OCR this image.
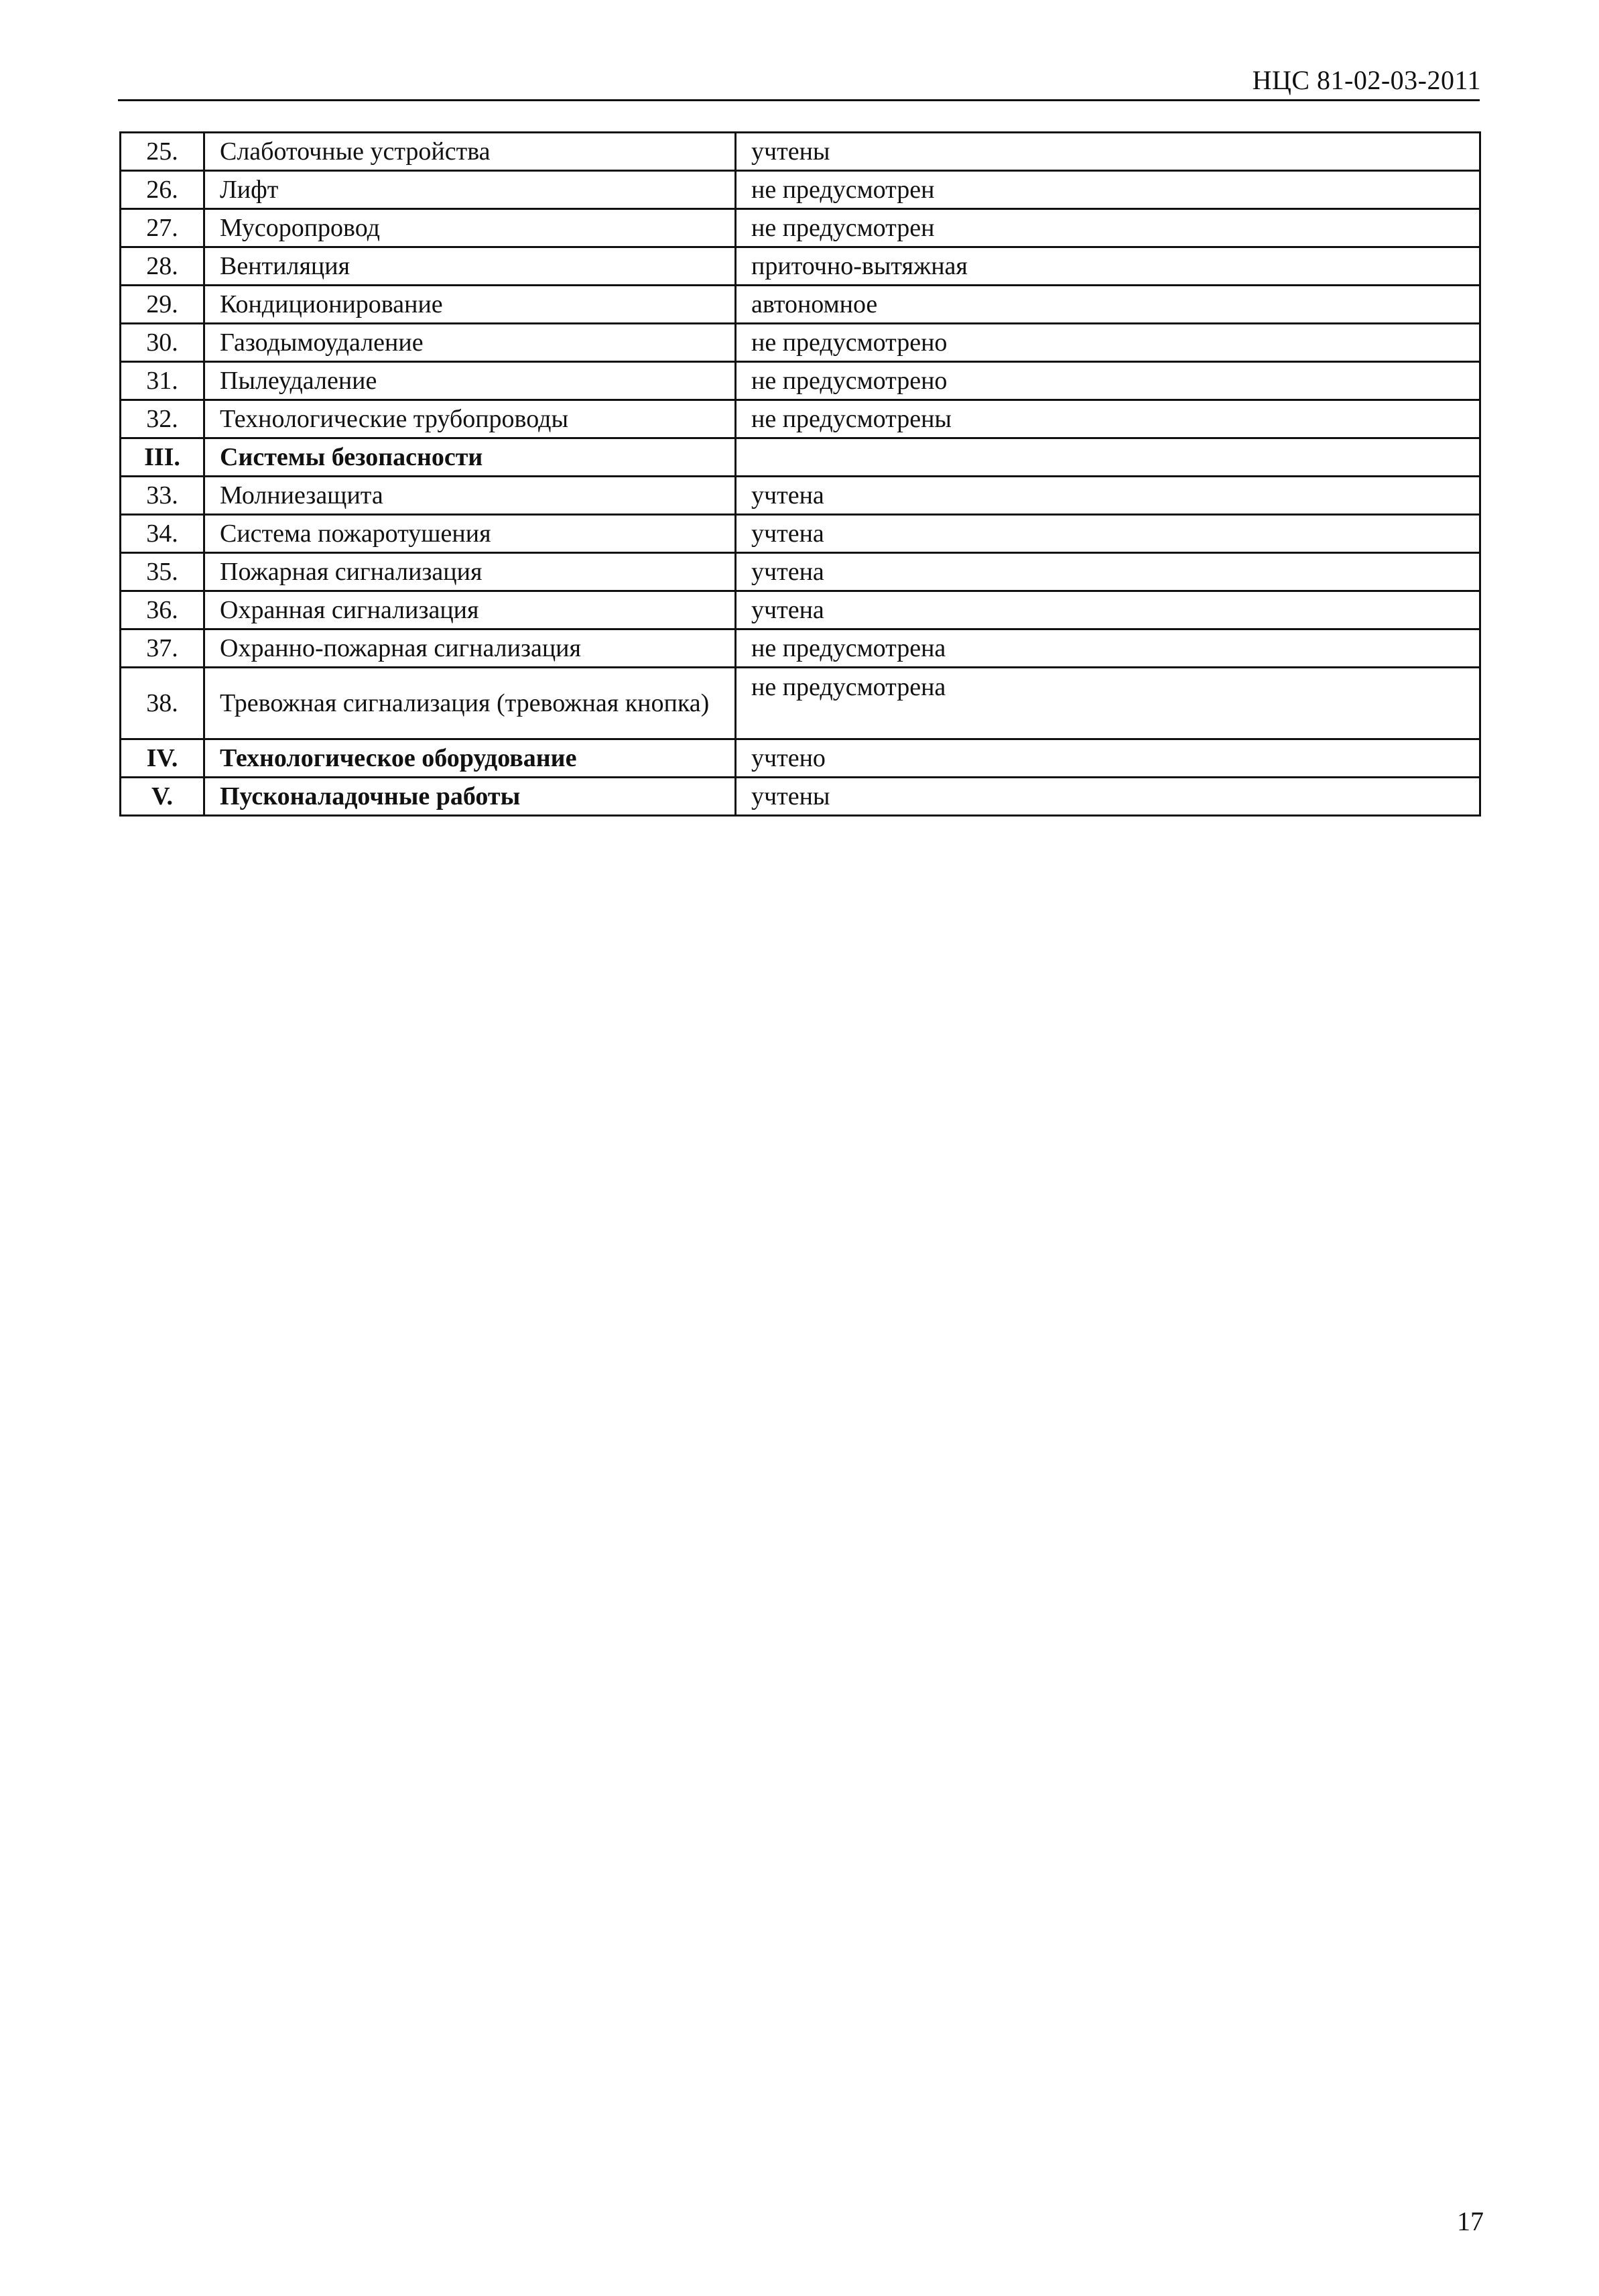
НЦС 81-02-03-2011
25.	Слаботочные устройства	учтены
26.	Лифт	не предусмотрен
27.	Мусоропровод	не предусмотрен
28.	Вентиляция	приточно-вытяжная
29.	Кондиционирование	автономное
30.	Газодымоудаление	не предусмотрено
31.	Пылеудаление	не предусмотрено
32.	Технологические трубопроводы	не предусмотрены
III.	Системы безопасности	
33.	Молниезащита	учтена
34.	Система пожаротушения	учтена
35.	Пожарная сигнализация	учтена
36.	Охранная сигнализация	учтена
37.	Охранно-пожарная сигнализация	не предусмотрена
38.	Тревожная сигнализация (тревожная кнопка)	не предусмотрена
IV.	Технологическое оборудование	учтено
V.	Пусконаладочные работы	учтены
17
